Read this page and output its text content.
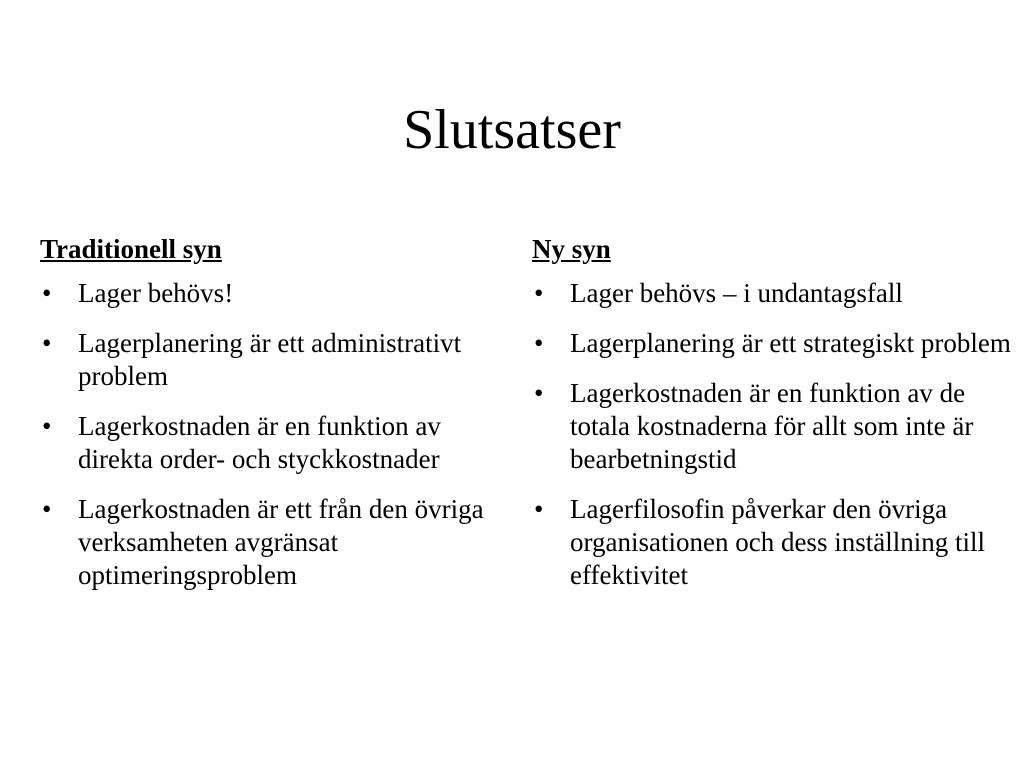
Slutsatser
Traditionell syn
• Lager behövs!
• Lagerplanering är ett administrativt problem
• Lagerkostnaden är en funktion av direkta order- och styckkostnader
• Lagerkostnaden är ett från den övriga verksamheten avgränsat optimeringsproblem
Ny syn
• Lager behövs – i undantagsfall
• Lagerplanering är ett strategiskt problem
• Lagerkostnaden är en funktion av de totala kostnaderna för allt som inte är bearbetningstid
• Lagerfilosofin påverkar den övriga organisationen och dess inställning till effektivitet
